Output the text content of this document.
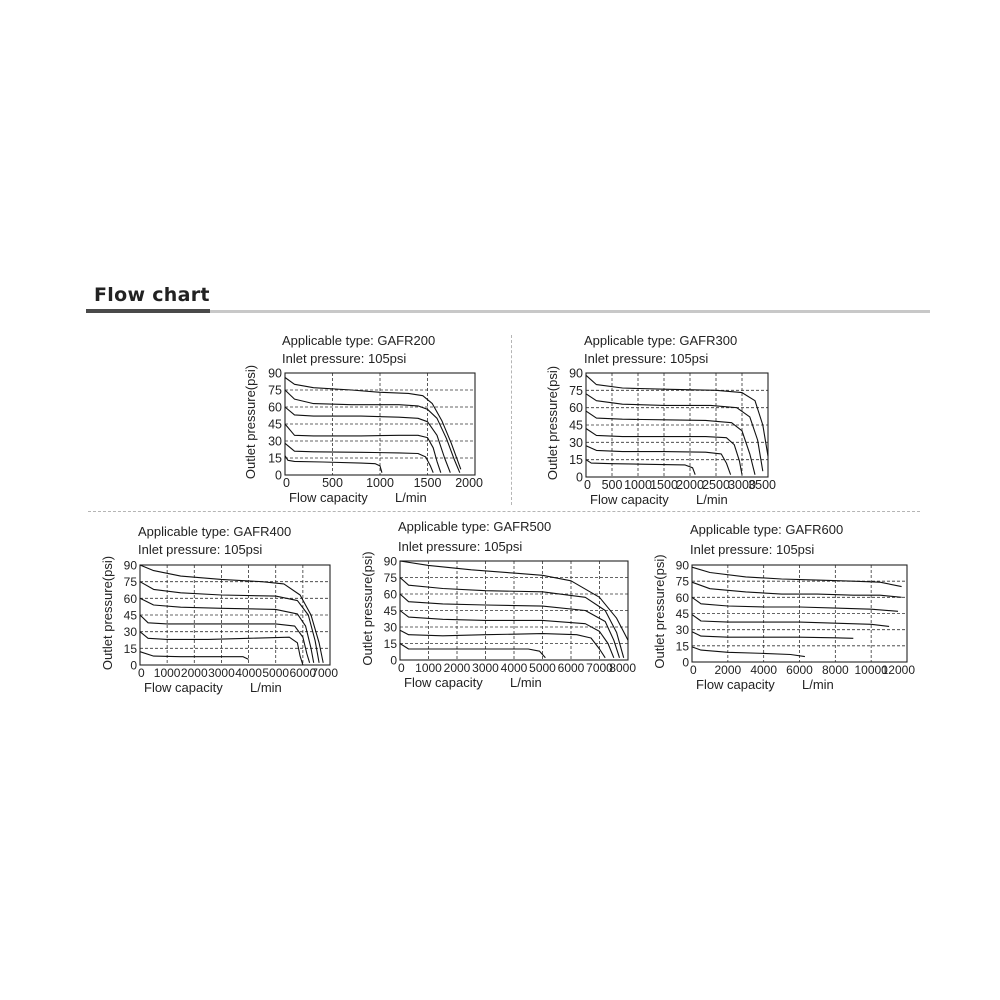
Flow chart
Applicable type: GAFR200
Inlet pressure: 105psi
0
15
30
45
60
75
90
0	500 1000 1500 2000
Flow capacity L/min
Outlet pressure(psi)
Applicable type: GAFR300
Inlet pressure: 105psi
0
15
30
45
60
75
90
0 500 1000
1500
2000
2500
3000
3500
Flow capacity L/min
Outlet pressure(psi)
Applicable type: GAFR400
Inlet pressure: 105psi
0
15
30
45
60
75
90
0 1000 2000 3000 4000 5000 6000
7000
Flow capacity L/min
Outlet pressure(psi)
Applicable type: GAFR500
Inlet pressure: 105psi
0
15
30
45
60
75
90
0 1000 2000 3000 4000 5000 6000 7000
8000
Flow capacity L/min
Outlet pressure(psi)
Applicable type: GAFR600
Inlet pressure: 105psi
0
15
30
45
60
75
90
0 2000 4000 6000 8000 10000
12000
Flow capacity L/min
Outlet pressure(psi)
